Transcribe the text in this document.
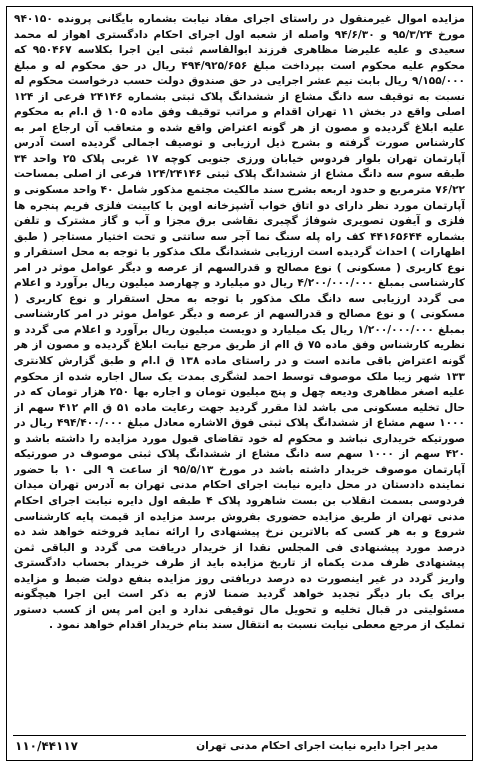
مزایده اموال غیرمنقول در راستای اجرای مفاد نیابت بشماره بایگانی پرونده ۹۴۰۱۵۰ مورخ ۹۵/۳/۲۴ و ۹۴/۶/۳۰ واصله از شعبه اول اجرای احکام دادگستری اهواز له محمد سعیدی و علیه علیرضا مظاهری فرزند ابوالقاسم ثبتی این اجرا بکلاسه ۹۵۰۴۶۷ که محکوم علیه محکوم است بپرداخت مبلغ ۴۹۴/۹۲۵/۶۵۶ ریال در حق محکوم له و مبلغ ۹/۱۵۵/۰۰۰ ریال بابت نیم عشر اجرایی در حق صندوق دولت حسب درخواست محکوم له نسبت به توقیف سه دانگ مشاع از ششدانگ پلاک ثبتی بشماره ۲۴۱۴۶ فرعی از ۱۲۴ اصلی واقع در بخش ۱۱ تهران اقدام و مراتب توقیف وفق ماده ۱۰۵ ق ا.ام به محکوم علیه ابلاغ گردیده و مصون از هر گونه اعتراض واقع شده و متعاقب آن ارجاع امر به کارشناس صورت گرفته و بشرح ذیل ارزیابی و توصیف اجمالی گردیده است آدرس آپارتمان تهران بلوار فردوس خیابان ورزی جنوبی کوچه ۱۷ غربی پلاک ۲۵ واحد ۳۴ طبقه سوم سه دانگ مشاع از ششدانگ پلاک ثبتی ۱۲۴/۲۴۱۴۶ فرعی از اصلی بمساحت ۷۶/۲۲ مترمربع و حدود اربعه بشرح سند مالکیت مجتمع مذکور شامل ۴۰ واحد مسکونی و آپارتمان مورد نظر دارای دو اتاق خواب آشپزخانه اوپن با کابینت فلزی فریم پنجره ها فلزی و آیفون تصویری شوفاژ گچبری نقاشی برق مجزا و آب و گاز مشترک و تلفن بشماره ۴۴۱۶۵۶۴۴ کف راه پله سنگ نما آجر سه ساتتی و تحت اختیار مستاجر ( طبق اظهارات ) احداث گردیده است ارزیابی ششدانگ ملک مذکور با توجه به محل استقرار و نوع کاربری ( مسکونی ) نوع مصالح و قدرالسهم از عرصه و دیگر عوامل موثر در امر کارشناسی بمبلغ ۴/۲۰۰/۰۰۰/۰۰۰ ریال دو میلیارد و چهارصد میلیون ریال برآورد و اعلام می گردد ارزیابی سه دانگ ملک مذکور با توجه به محل استقرار و نوع کاربری ( مسکونی ) و نوع مصالح و قدرالسهم از عرصه و دیگر عوامل موثر در امر کارشناسی بمبلغ ۱/۲۰۰/۰۰۰/۰۰۰ ریال یک میلیارد و دویست میلیون ریال برآورد و اعلام می گردد و نظریه کارشناس وفق ماده ۷۵ ق اام از طریق مرجع نیابت ابلاغ گردیده و مصون از هر گونه اعتراض باقی مانده است و در راستای ماده ۱۳۸ ق ا.ام و طبق گزارش کلانتری ۱۳۳ شهر زیبا ملک موصوف توسط احمد لشگری بمدت یک سال اجاره شده از محکوم علیه اصغر مظاهری ودیعه چهل و پنج میلیون تومان و اجاره بها ۲۵۰ هزار تومان که در حال تخلیه مسکونی می باشد لذا مقرر گردید جهت رعایت ماده ۵۱ ق اام ۴۱۲ سهم از ۱۰۰۰ سهم مشاع از ششدانگ پلاک ثبتی فوق الاشاره معادل مبلغ ۴۹۴/۴۰۰/۰۰۰ ریال در صورتیکه خریداری نباشد و محکوم له خود تقاضای قبول مورد مزایده را داشته باشد و ۴۲۰ سهم از ۱۰۰۰ سهم سه دانگ مشاع از ششدانگ پلاک ثبتی موصوف در صورتیکه آپارتمان موصوف خریدار داشته باشد در مورخ ۹۵/۵/۱۳ از ساعت ۹ الی ۱۰ با حضور نماینده دادستان در محل دایره نیابت اجرای احکام مدنی تهران به آدرس تهران میدان فردوسی بسمت انقلاب بن بست شاهرود پلاک ۴ طبقه اول دایره نیابت اجرای احکام مدنی تهران از طریق مزایده حضوری بفروش برسد مزایده از قیمت پایه کارشناسی شروع و به هر کسی که بالاترین نرخ پیشنهادی را ارائه نماید فروخته خواهد شد ده درصد مورد پیشنهادی فی المجلس نقدا از خریدار دریافت می گردد و الباقی ثمن پیشنهادی ظرف مدت یکماه از تاریخ مزایده باید از طرف خریدار بحساب دادگستری واریز گردد در غیر اینصورت ده درصد دریافتی روز مزایده بنفع دولت ضبط و مزایده برای یک بار دیگر تجدید خواهد گردید ضمنا لازم به ذکر است این اجرا هیچگونه مسئولیتی در قبال تخلیه و تحویل مال توقیفی ندارد و این امر پس از کسب دستور تملیک از مرجع معطی نیابت نسبت به انتقال سند بنام خریدار اقدام خواهد نمود .

مدیر اجرا دایره نیابت اجرای احکام مدنی تهران
۱۱۰/۴۴۱۱۷
